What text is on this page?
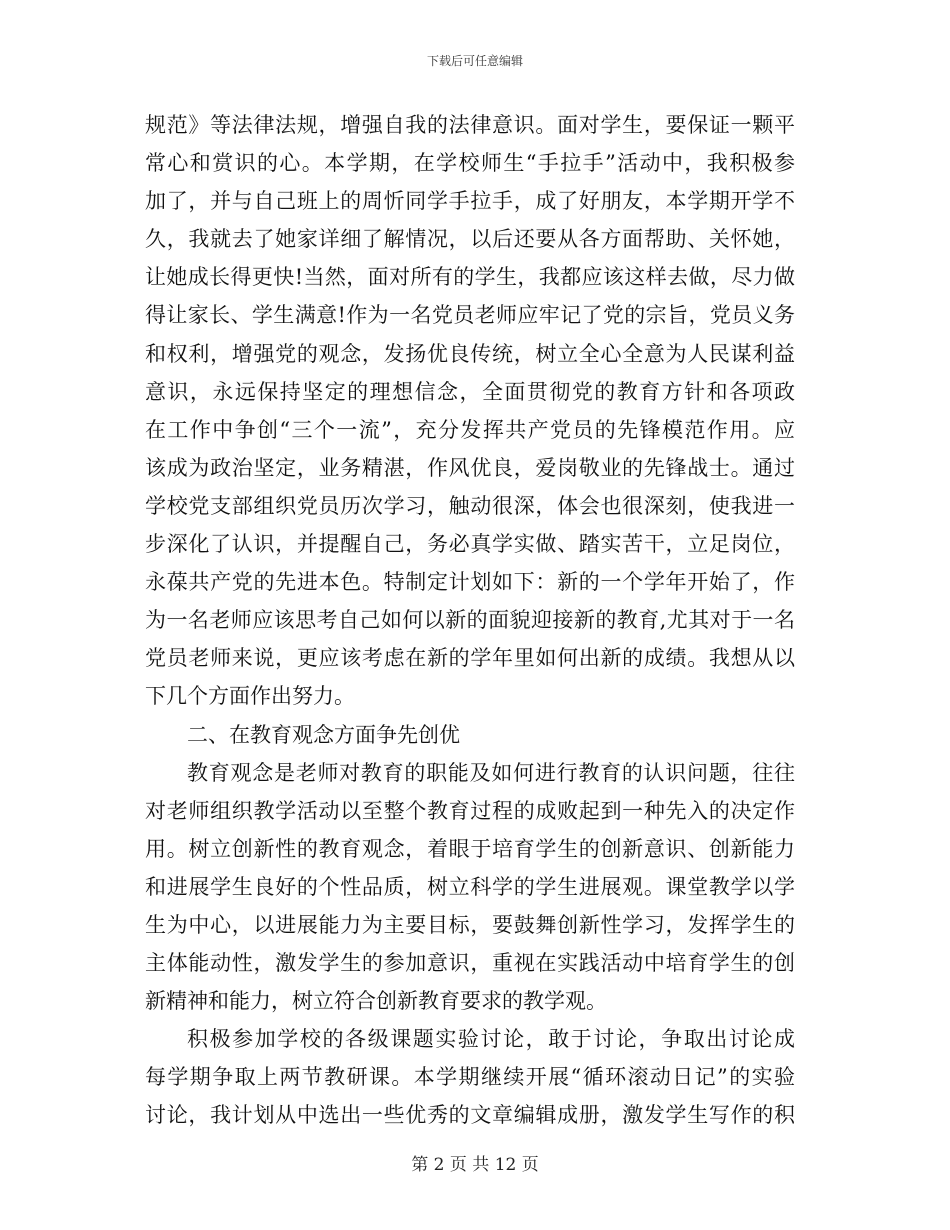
下载后可任意编辑
规范》等法律法规，增强自我的法律意识。面对学生，要保证一颗平
常心和赏识的心。本学期，在学校师生“手拉手”活动中，我积极参
加了，并与自己班上的周忻同学手拉手，成了好朋友，本学期开学不
久，我就去了她家详细了解情况，以后还要从各方面帮助、关怀她，
让她成长得更快!当然，面对所有的学生，我都应该这样去做，尽力做
得让家长、学生满意!作为一名党员老师应牢记了党的宗旨，党员义务
和权利，增强党的观念，发扬优良传统，树立全心全意为人民谋利益
意识，永远保持坚定的理想信念，全面贯彻党的教育方针和各项政
在工作中争创“三个一流”，充分发挥共产党员的先锋模范作用。应
该成为政治坚定，业务精湛，作风优良，爱岗敬业的先锋战士。通过
学校党支部组织党员历次学习，触动很深，体会也很深刻，使我进一
步深化了认识，并提醒自己，务必真学实做、踏实苦干，立足岗位，
永葆共产党的先进本色。特制定计划如下：新的一个学年开始了，作
为一名老师应该思考自己如何以新的面貌迎接新的教育,尤其对于一名
党员老师来说，更应该考虑在新的学年里如何出新的成绩。我想从以
下几个方面作出努力。
二、在教育观念方面争先创优
教育观念是老师对教育的职能及如何进行教育的认识问题，往往
对老师组织教学活动以至整个教育过程的成败起到一种先入的决定作
用。树立创新性的教育观念，着眼于培育学生的创新意识、创新能力
和进展学生良好的个性品质，树立科学的学生进展观。课堂教学以学
生为中心，以进展能力为主要目标，要鼓舞创新性学习，发挥学生的
主体能动性，激发学生的参加意识，重视在实践活动中培育学生的创
新精神和能力，树立符合创新教育要求的教学观。
积极参加学校的各级课题实验讨论，敢于讨论，争取出讨论成
每学期争取上两节教研课。本学期继续开展“循环滚动日记”的实验
讨论，我计划从中选出一些优秀的文章编辑成册，激发学生写作的积
第 2 页 共 12 页
